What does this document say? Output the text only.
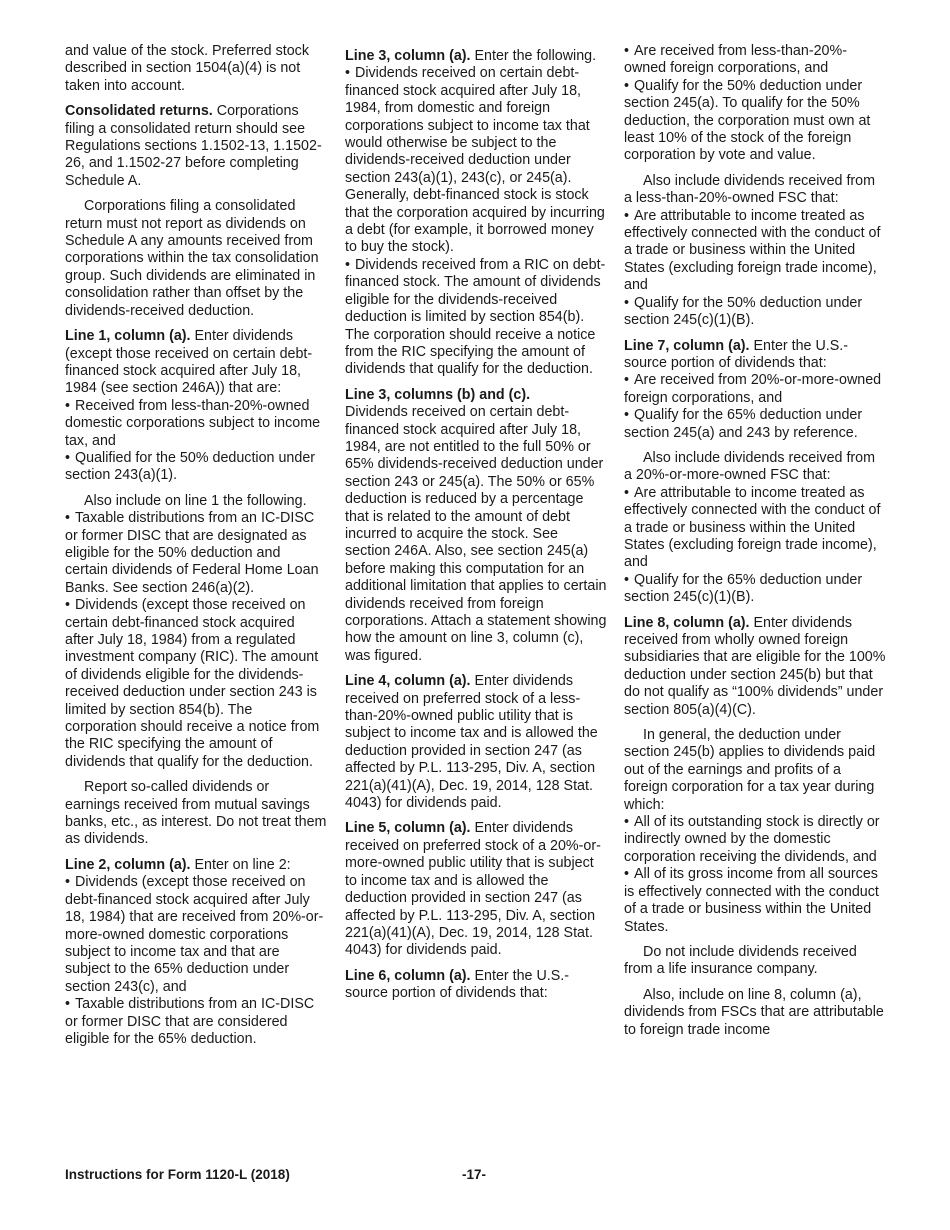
and value of the stock. Preferred stock described in section 1504(a)(4) is not taken into account.

Consolidated returns. Corporations filing a consolidated return should see Regulations sections 1.1502-13, 1.1502-26, and 1.1502-27 before completing Schedule A.

Corporations filing a consolidated return must not report as dividends on Schedule A any amounts received from corporations within the tax consolidation group. Such dividends are eliminated in consolidation rather than offset by the dividends-received deduction.

Line 1, column (a). Enter dividends (except those received on certain debt-financed stock acquired after July 18, 1984 (see section 246A)) that are:

• Received from less-than-20%-owned domestic corporations subject to income tax, and

• Qualified for the 50% deduction under section 243(a)(1).

Also include on line 1 the following.

• Taxable distributions from an IC-DISC or former DISC that are designated as eligible for the 50% deduction and certain dividends of Federal Home Loan Banks. See section 246(a)(2).

• Dividends (except those received on certain debt-financed stock acquired after July 18, 1984) from a regulated investment company (RIC). The amount of dividends eligible for the dividends-received deduction under section 243 is limited by section 854(b). The corporation should receive a notice from the RIC specifying the amount of dividends that qualify for the deduction.

Report so-called dividends or earnings received from mutual savings banks, etc., as interest. Do not treat them as dividends.

Line 2, column (a). Enter on line 2:

• Dividends (except those received on debt-financed stock acquired after July 18, 1984) that are received from 20%-or-more-owned domestic corporations subject to income tax and that are subject to the 65% deduction under section 243(c), and

• Taxable distributions from an IC-DISC or former DISC that are considered eligible for the 65% deduction.

Line 3, column (a). Enter the following.

• Dividends received on certain debt-financed stock acquired after July 18, 1984, from domestic and foreign corporations subject to income tax that would otherwise be subject to the dividends-received deduction under section 243(a)(1), 243(c), or 245(a). Generally, debt-financed stock is stock that the corporation acquired by incurring a debt (for example, it borrowed money to buy the stock).

• Dividends received from a RIC on debt-financed stock. The amount of dividends eligible for the dividends-received deduction is limited by section 854(b). The corporation should receive a notice from the RIC specifying the amount of dividends that qualify for the deduction.

Line 3, columns (b) and (c).

Dividends received on certain debt-financed stock acquired after July 18, 1984, are not entitled to the full 50% or 65% dividends-received deduction under section 243 or 245(a). The 50% or 65% deduction is reduced by a percentage that is related to the amount of debt incurred to acquire the stock. See section 246A. Also, see section 245(a) before making this computation for an additional limitation that applies to certain dividends received from foreign corporations. Attach a statement showing how the amount on line 3, column (c), was figured.

Line 4, column (a). Enter dividends received on preferred stock of a less-than-20%-owned public utility that is subject to income tax and is allowed the deduction provided in section 247 (as affected by P.L. 113-295, Div. A, section 221(a)(41)(A), Dec. 19, 2014, 128 Stat. 4043) for dividends paid.

Line 5, column (a). Enter dividends received on preferred stock of a 20%-or-more-owned public utility that is subject to income tax and is allowed the deduction provided in section 247 (as affected by P.L. 113-295, Div. A, section 221(a)(41)(A), Dec. 19, 2014, 128 Stat. 4043) for dividends paid.

Line 6, column (a). Enter the U.S.-source portion of dividends that:

• Are received from less-than-20%-owned foreign corporations, and

• Qualify for the 50% deduction under section 245(a). To qualify for the 50% deduction, the corporation must own at least 10% of the stock of the foreign corporation by vote and value.

Also include dividends received from a less-than-20%-owned FSC that:

• Are attributable to income treated as effectively connected with the conduct of a trade or business within the United States (excluding foreign trade income), and

• Qualify for the 50% deduction under section 245(c)(1)(B).

Line 7, column (a). Enter the U.S.-source portion of dividends that:

• Are received from 20%-or-more-owned foreign corporations, and

• Qualify for the 65% deduction under section 245(a) and 243 by reference.

Also include dividends received from a 20%-or-more-owned FSC that:

• Are attributable to income treated as effectively connected with the conduct of a trade or business within the United States (excluding foreign trade income), and

• Qualify for the 65% deduction under section 245(c)(1)(B).

Line 8, column (a). Enter dividends received from wholly owned foreign subsidiaries that are eligible for the 100% deduction under section 245(b) but that do not qualify as “100% dividends” under section 805(a)(4)(C).

In general, the deduction under section 245(b) applies to dividends paid out of the earnings and profits of a foreign corporation for a tax year during which:

• All of its outstanding stock is directly or indirectly owned by the domestic corporation receiving the dividends, and

• All of its gross income from all sources is effectively connected with the conduct of a trade or business within the United States.

Do not include dividends received from a life insurance company.

Also, include on line 8, column (a), dividends from FSCs that are attributable to foreign trade income

Instructions for Form 1120-L (2018)	-17-
